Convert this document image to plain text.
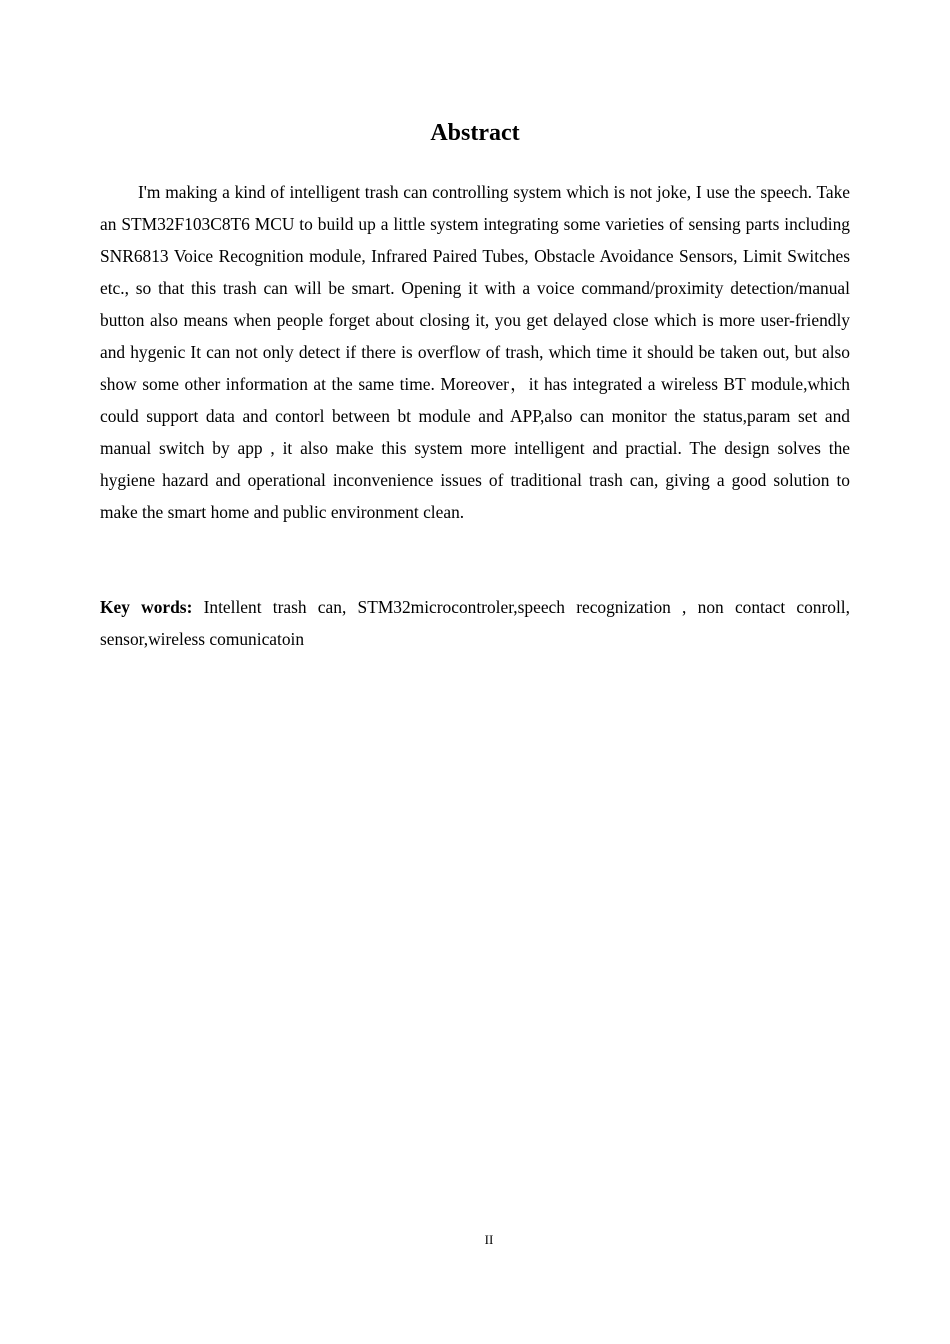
Abstract

I'm making a kind of intelligent trash can controlling system which is not joke, I use the speech. Take an STM32F103C8T6 MCU to build up a little system integrating some varieties of sensing parts including SNR6813 Voice Recognition module, Infrared Paired Tubes, Obstacle Avoidance Sensors, Limit Switches etc., so that this trash can will be smart. Opening it with a voice command/proximity detection/manual button also means when people forget about closing it, you get delayed close which is more user-friendly and hygenic It can not only detect if there is overflow of trash, which time it should be taken out, but also show some other information at the same time. Moreover，it has integrated a wireless BT module,which could support data and contorl between bt module and APP,also can monitor the status,param set and manual switch by app , it also make this system more intelligent and practial. The design solves the hygiene hazard and operational inconvenience issues of traditional trash can, giving a good solution to make the smart home and public environment clean.

Key words: Intellent trash can, STM32microcontroler,speech recognization , non contact conroll, sensor,wireless comunicatoin

II
